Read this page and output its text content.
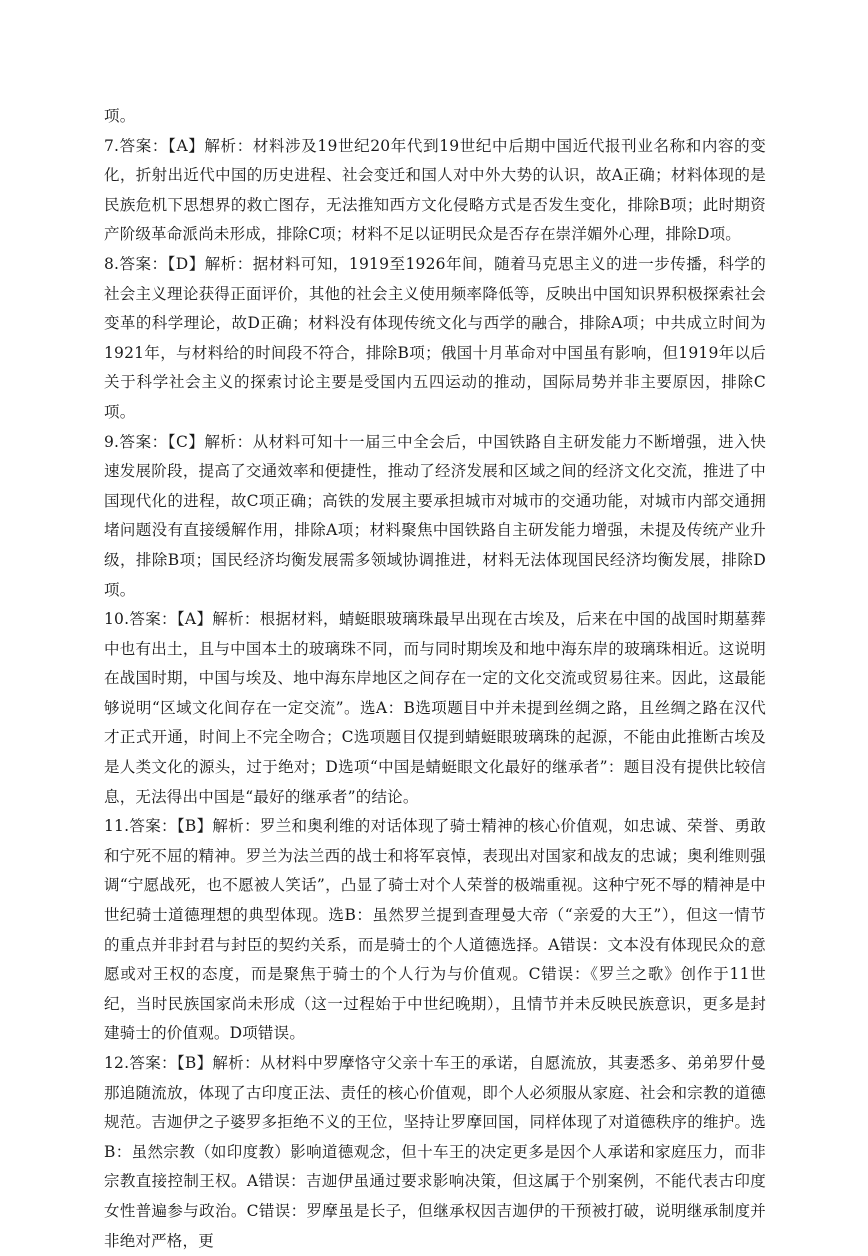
项。

7.答案：【A】解析：材料涉及19世纪20年代到19世纪中后期中国近代报刊业名称和内容的变化，折射出近代中国的历史进程、社会变迁和国人对中外大势的认识，故A正确；材料体现的是民族危机下思想界的救亡图存，无法推知西方文化侵略方式是否发生变化，排除B项；此时期资产阶级革命派尚未形成，排除C项；材料不足以证明民众是否存在崇洋媚外心理，排除D项。

8.答案：【D】解析：据材料可知，1919至1926年间，随着马克思主义的进一步传播，科学的社会主义理论获得正面评价，其他的社会主义使用频率降低等，反映出中国知识界积极探索社会变革的科学理论，故D正确；材料没有体现传统文化与西学的融合，排除A项；中共成立时间为1921年，与材料给的时间段不符合，排除B项；俄国十月革命对中国虽有影响，但1919年以后关于科学社会主义的探索讨论主要是受国内五四运动的推动，国际局势并非主要原因，排除C项。

9.答案：【C】解析：从材料可知十一届三中全会后，中国铁路自主研发能力不断增强，进入快速发展阶段，提高了交通效率和便捷性，推动了经济发展和区域之间的经济文化交流，推进了中国现代化的进程，故C项正确；高铁的发展主要承担城市对城市的交通功能，对城市内部交通拥堵问题没有直接缓解作用，排除A项；材料聚焦中国铁路自主研发能力增强，未提及传统产业升级，排除B项；国民经济均衡发展需多领域协调推进，材料无法体现国民经济均衡发展，排除D项。

10.答案：【A】解析：根据材料，蜻蜓眼玻璃珠最早出现在古埃及，后来在中国的战国时期墓葬中也有出土，且与中国本土的玻璃珠不同，而与同时期埃及和地中海东岸的玻璃珠相近。这说明在战国时期，中国与埃及、地中海东岸地区之间存在一定的文化交流或贸易往来。因此，这最能够说明“区域文化间存在一定交流”。选A：B选项题目中并未提到丝绸之路，且丝绸之路在汉代才正式开通，时间上不完全吻合；C选项题目仅提到蜻蜓眼玻璃珠的起源，不能由此推断古埃及是人类文化的源头，过于绝对；D选项“中国是蜻蜓眼文化最好的继承者”：题目没有提供比较信息，无法得出中国是“最好的继承者”的结论。

11.答案：【B】解析：罗兰和奥利维的对话体现了骑士精神的核心价值观，如忠诚、荣誉、勇敢和宁死不屈的精神。罗兰为法兰西的战士和将军哀悼，表现出对国家和战友的忠诚；奥利维则强调“宁愿战死，也不愿被人笑话”，凸显了骑士对个人荣誉的极端重视。这种宁死不辱的精神是中世纪骑士道德理想的典型体现。选B：虽然罗兰提到查理曼大帝（“亲爱的大王”），但这一情节的重点并非封君与封臣的契约关系，而是骑士的个人道德选择。A错误：文本没有体现民众的意愿或对王权的态度，而是聚焦于骑士的个人行为与价值观。C错误：《罗兰之歌》创作于11世纪，当时民族国家尚未形成（这一过程始于中世纪晚期），且情节并未反映民族意识，更多是封建骑士的价值观。D项错误。

12.答案：【B】解析：从材料中罗摩恪守父亲十车王的承诺，自愿流放，其妻悉多、弟弟罗什曼那追随流放，体现了古印度正法、责任的核心价值观，即个人必须服从家庭、社会和宗教的道德规范。吉迦伊之子婆罗多拒绝不义的王位，坚持让罗摩回国，同样体现了对道德秩序的维护。选B：虽然宗教（如印度教）影响道德观念，但十车王的决定更多是因个人承诺和家庭压力，而非宗教直接控制王权。A错误：吉迦伊虽通过要求影响决策，但这属于个别案例，不能代表古印度女性普遍参与政治。C错误：罗摩虽是长子，但继承权因吉迦伊的干预被打破，说明继承制度并非绝对严格，更
